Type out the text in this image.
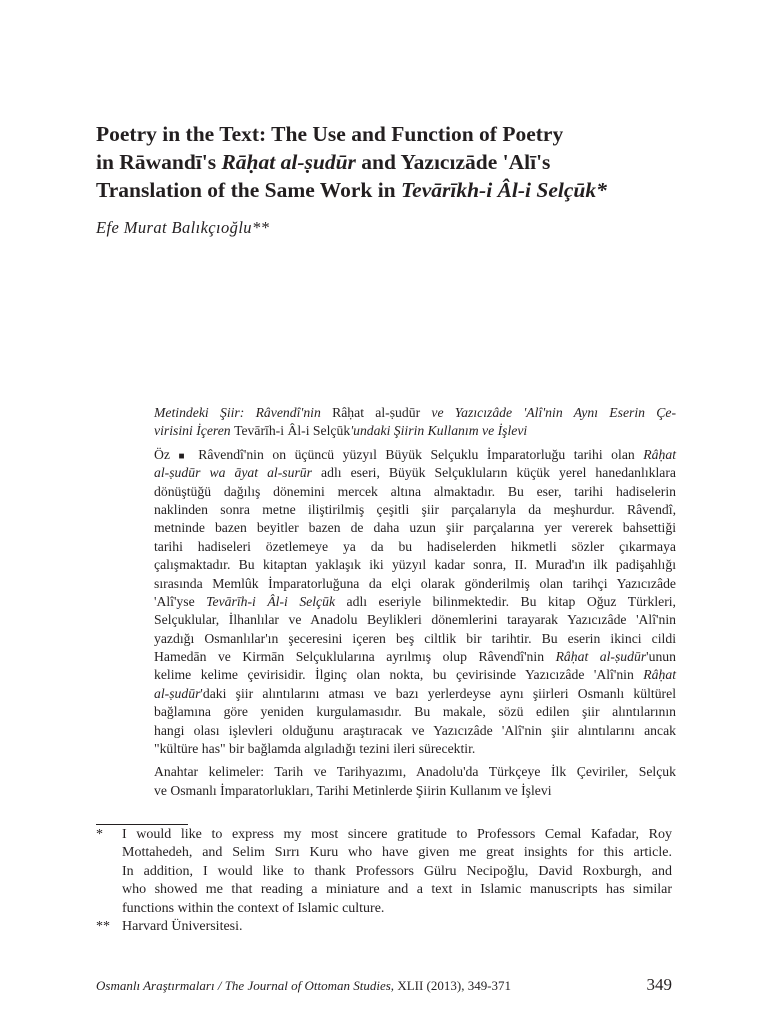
Poetry in the Text: The Use and Function of Poetry
in Rāwandī's Rāḥat al-ṣudūr and Yazıcızāde 'Alī's
Translation of the Same Work in Tevārīkh-i Âl-i Selçūk*
Efe Murat Balıkçıoğlu**
Metindeki Şiir: Râvendî'nin Râḥat al-ṣudūr ve Yazıcızâde 'Alî'nin Aynı Eserin Çe-
virisini İçeren Tevārīh-i Âl-i Selçūk'undaki Şiirin Kullanım ve İşlevi
Öz ■ Râvendî'nin on üçüncü yüzyıl Büyük Selçuklu İmparatorluğu tarihi olan Râḥat
al-ṣudūr wa āyat al-surūr adlı eseri, Büyük Selçukluların küçük yerel hanedanlıklara
dönüştüğü dağılış dönemini mercek altına almaktadır. Bu eser, tarihi hadiselerin
naklinden sonra metne iliştirilmiş çeşitli şiir parçalarıyla da meşhurdur. Râvendî,
metninde bazen beyitler bazen de daha uzun şiir parçalarına yer vererek bahsettiği
tarihi hadiseleri özetlemeye ya da bu hadiselerden hikmetli sözler çıkarmaya
çalışmaktadır. Bu kitaptan yaklaşık iki yüzyıl kadar sonra, II. Murad'ın ilk padişahlığı
sırasında Memlûk İmparatorluğuna da elçi olarak gönderilmiş olan tarihçi Yazıcızâde
'Alî'yse Tevārīh-i Âl-i Selçūk adlı eseriyle bilinmektedir. Bu kitap Oğuz Türkleri,
Selçuklular, İlhanlılar ve Anadolu Beylikleri dönemlerini tarayarak Yazıcızâde 'Alî'nin
yazdığı Osmanlılar'ın şeceresini içeren beş ciltlik bir tarihtir. Bu eserin ikinci cildi
Hamedān ve Kirmān Selçuklularına ayrılmış olup Râvendî'nin Râḥat al-ṣudūr'unun
kelime kelime çevirisidir. İlginç olan nokta, bu çevirisinde Yazıcızâde 'Alî'nin Râḥat
al-ṣudūr'daki şiir alıntılarını atması ve bazı yerlerdeyse aynı şiirleri Osmanlı kültürel
bağlamına göre yeniden kurgulamasıdır. Bu makale, sözü edilen şiir alıntılarının
hangi olası işlevleri olduğunu araştıracak ve Yazıcızâde 'Alî'nin şiir alıntılarını ancak
"kültüre has" bir bağlamda algıladığı tezini ileri sürecektir.
Anahtar kelimeler: Tarih ve Tarihyazımı, Anadolu'da Türkçeye İlk Çeviriler, Selçuk
ve Osmanlı İmparatorlukları, Tarihi Metinlerde Şiirin Kullanım ve İşlevi
*	I would like to express my most sincere gratitude to Professors Cemal Kafadar, Roy
Mottahedeh, and Selim Sırrı Kuru who have given me great insights for this article.
In addition, I would like to thank Professors Gülru Necipoğlu, David Roxburgh, and
who showed me that reading a miniature and a text in Islamic manuscripts has similar
functions within the context of Islamic culture.
** Harvard Üniversitesi.
Osmanlı Araştırmaları / The Journal of Ottoman Studies, XLII (2013), 349-371	349
